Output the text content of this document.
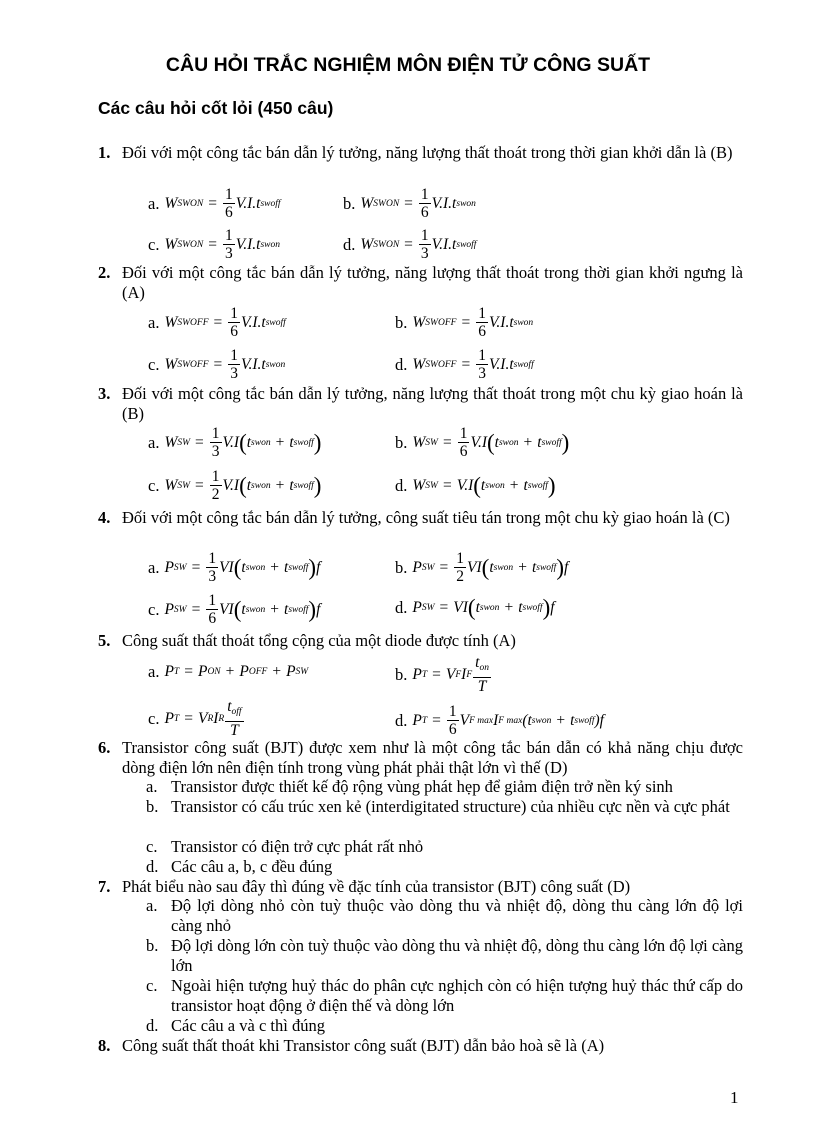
CÂU HỎI TRẮC NGHIỆM MÔN ĐIỆN TỬ CÔNG SUẤT
Các câu hỏi cốt lỏi (450 câu)
1. Đối với một công tắc bán dẫn lý tưởng, năng lượng thất thoát trong thời gian khởi dẫn là (B)
a. W SWON = $\frac{1}{6} V.I.t$ swoff	b. W SWON = $\frac{1}{6} V.I.t$ swon
c. W SWON = $\frac{1}{3} V.I.t$ swon	d. W SWON = $\frac{1}{3} V.I.t$ swoff
2. Đối với một công tắc bán dẫn lý tưởng, năng lượng thất thoát trong thời gian khởi ngưng là (A)
a. W SWOFF = $\frac{1}{6} V.I.t$ swoff	b. W SWOFF = $\frac{1}{6} V.I.t$ swon
c. W SWOFF = $\frac{1}{3} V.I.t$ swon	d. W SWOFF = $\frac{1}{3} V.I.t$ swoff
3. Đối với một công tắc bán dẫn lý tưởng, năng lượng thất thoát trong một chu kỳ giao hoán là (B)
a. W SW = $\frac{1}{3} V.I$ ( t swon + t swoff )	b. W SW = $\frac{1}{6} V.I$ ( t swon + t swoff )
c. W SW = $\frac{1}{2} V.I$ ( t swon + t swoff )	d. W SW = V.I ( t swon + t swoff )
4. Đối với một công tắc bán dẫn lý tưởng, công suất tiêu tán trong một chu kỳ giao hoán là (C)
a. P SW = $\frac{1}{3}$ VI ( t swon + t swoff ) f	b. P SW = $\frac{1}{2}$ VI ( t swon + t swoff ) f
c. P SW = $\frac{1}{6}$ VI ( t swon + t swoff ) f	d. P SW = VI ( t swon + t swoff ) f
5. Công suất thất thoát tổng cộng của một diode được tính (A)
a. P T = P ON + P OFF + P SW	b. P T = V F I F $\frac{t_{on}}{T}$
c. P T = V R I R $\frac{t_{off}}{T}$	d. P $T = \frac{1}{6}$ V F max I F max (t swon + t swoff )f
6. Transistor công suất (BJT) được xem như là một công tắc bán dẫn có khả năng chịu được dòng điện lớn nên điện tính trong vùng phát phải thật lớn vì thế (D)
a. Transistor được thiết kế độ rộng vùng phát hẹp để giảm điện trở nền ký sinh
b. Transistor có cấu trúc xen kẻ (interdigitated structure) của nhiều cực nền và cực phát
c. Transistor có điện trở cực phát rất nhỏ
d. Các câu a, b, c đều đúng
7. Phát biểu nào sau đây thì đúng về đặc tính của transistor (BJT) công suất (D)
a. Độ lợi dòng nhỏ còn tuỳ thuộc vào dòng thu và nhiệt độ, dòng thu càng lớn độ lợi càng nhỏ
b. Độ lợi dòng lớn còn tuỳ thuộc vào dòng thu và nhiệt độ, dòng thu càng lớn độ lợi càng lớn
c. Ngoài hiện tượng huỷ thác do phân cực nghịch còn có hiện tượng huỷ thác thứ cấp do transistor hoạt động ở điện thế và dòng lớn
d. Các câu a và c thì đúng
8. Công suất thất thoát khi Transistor công suất (BJT) dẫn bảo hoà sẽ là (A)
1
